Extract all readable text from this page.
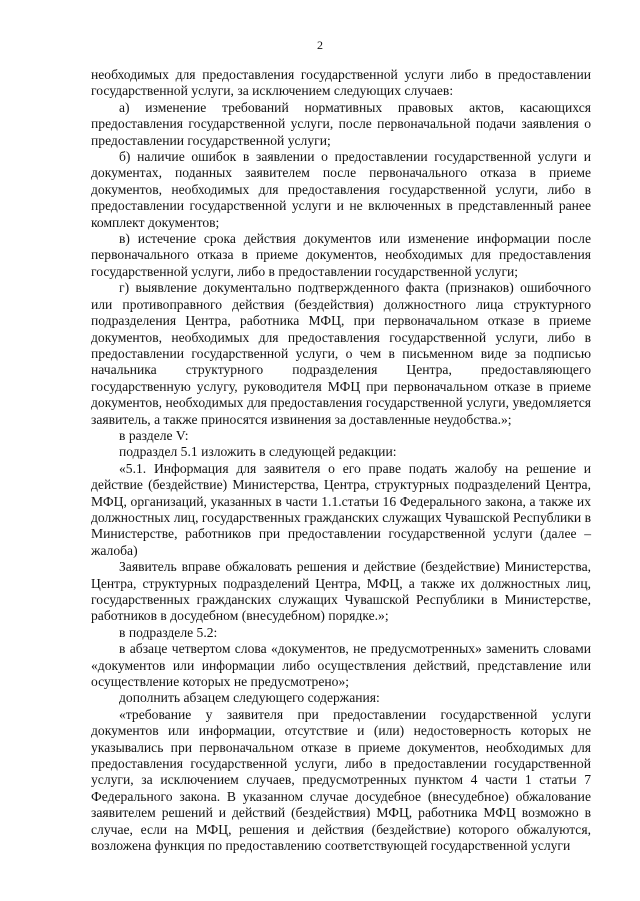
2

необходимых для предоставления государственной услуги либо в предоставлении государственной услуги, за исключением следующих случаев:

а) изменение требований нормативных правовых актов, касающихся предоставления государственной услуги, после первоначальной подачи заявления о предоставлении государственной услуги;

б) наличие ошибок в заявлении о предоставлении государственной услуги и документах, поданных заявителем после первоначального отказа в приеме документов, необходимых для предоставления государственной услуги, либо в предоставлении государственной услуги и не включенных в представленный ранее комплект документов;

в) истечение срока действия документов или изменение информации после первоначального отказа в приеме документов, необходимых для предоставления государственной услуги, либо в предоставлении государственной услуги;

г) выявление документально подтвержденного факта (признаков) ошибочного или противоправного действия (бездействия) должностного лица структурного подразделения Центра, работника МФЦ, при первоначальном отказе в приеме документов, необходимых для предоставления государственной услуги, либо в предоставлении государственной услуги, о чем в письменном виде за подписью начальника структурного подразделения Центра, предоставляющего государственную услугу, руководителя МФЦ при первоначальном отказе в приеме документов, необходимых для предоставления государственной услуги, уведомляется заявитель, а также приносятся извинения за доставленные неудобства.»;

в разделе V:

подраздел 5.1 изложить в следующей редакции:

«5.1. Информация для заявителя о его праве подать жалобу на решение и действие (бездействие) Министерства, Центра, структурных подразделений Центра, МФЦ, организаций, указанных в части 1.1.статьи 16 Федерального закона, а также их должностных лиц, государственных гражданских служащих Чувашской Республики в Министерстве, работников при предоставлении государственной услуги (далее – жалоба)

Заявитель вправе обжаловать решения и действие (бездействие) Министерства, Центра, структурных подразделений Центра, МФЦ, а также их должностных лиц, государственных гражданских служащих Чувашской Республики в Министерстве, работников в досудебном (внесудебном) порядке.»;

в подразделе 5.2:

в абзаце четвертом слова «документов, не предусмотренных» заменить словами «документов или информации либо осуществления действий, представление или осуществление которых не предусмотрено»;

дополнить абзацем следующего содержания:

«требование у заявителя при предоставлении государственной услуги документов или информации, отсутствие и (или) недостоверность которых не указывались при первоначальном отказе в приеме документов, необходимых для предоставления государственной услуги, либо в предоставлении государственной услуги, за исключением случаев, предусмотренных пунктом 4 части 1 статьи 7 Федерального закона. В указанном случае досудебное (внесудебное) обжалование заявителем решений и действий (бездействия) МФЦ, работника МФЦ возможно в случае, если на МФЦ, решения и действия (бездействие) которого обжалуются, возложена функция по предоставлению соответствующей государственной услуги
